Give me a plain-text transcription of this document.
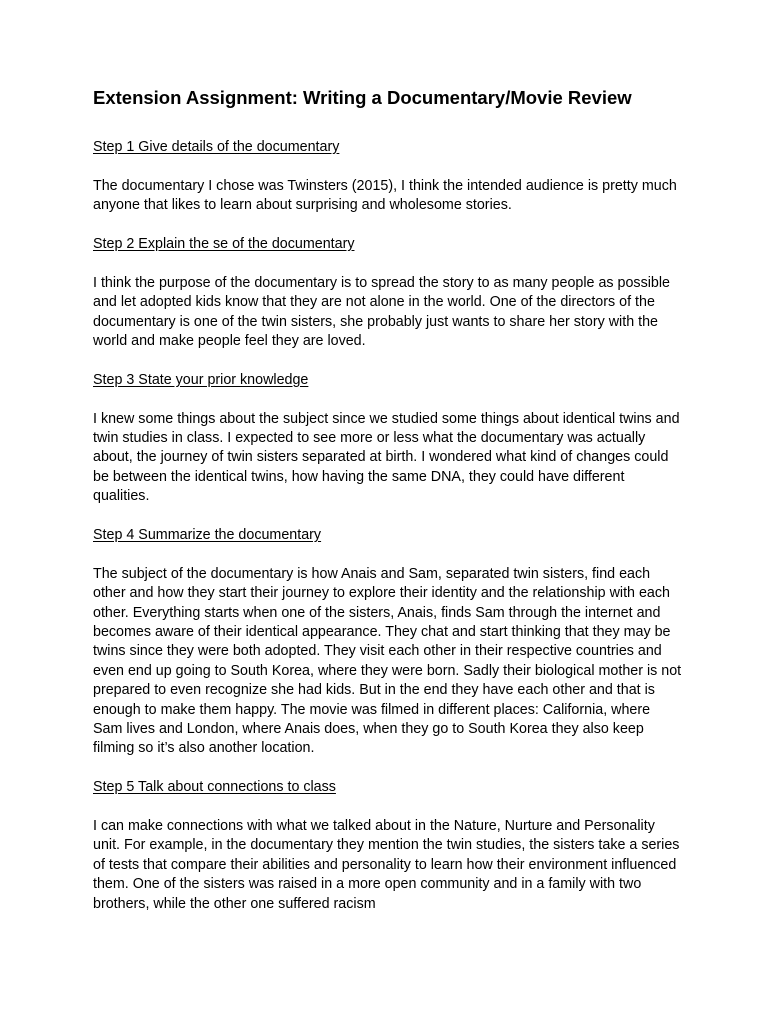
Extension Assignment: Writing a Documentary/Movie Review

Step 1 Give details of the documentary

The documentary I chose was Twinsters (2015), I think the intended audience is pretty much anyone that likes to learn about surprising and wholesome stories.

Step 2 Explain the se of the documentary

I think the purpose of the documentary is to spread the story to as many people as possible and let adopted kids know that they are not alone in the world. One of the directors of the documentary is one of the twin sisters, she probably just wants to share her story with the world and make people feel they are loved.

Step 3 State your prior knowledge

I knew some things about the subject since we studied some things about identical twins and twin studies in class. I expected to see more or less what the documentary was actually about, the journey of twin sisters separated at birth. I wondered what kind of changes could be between the identical twins, how having the same DNA, they could have different qualities.

Step 4 Summarize the documentary

The subject of the documentary is how Anais and Sam, separated twin sisters, find each other and how they start their journey to explore their identity and the relationship with each other. Everything starts when one of the sisters, Anais, finds Sam through the internet and becomes aware of their identical appearance. They chat and start thinking that they may be twins since they were both adopted. They visit each other in their respective countries and even end up going to South Korea, where they were born. Sadly their biological mother is not prepared to even recognize she had kids. But in the end they have each other and that is enough to make them happy. The movie was filmed in different places: California, where Sam lives and London, where Anais does, when they go to South Korea they also keep filming so it’s also another location.

Step 5 Talk about connections to class

I can make connections with what we talked about in the Nature, Nurture and Personality unit. For example, in the documentary they mention the twin studies, the sisters take a series of tests that compare their abilities and personality to learn how their environment influenced them. One of the sisters was raised in a more open community and in a family with two brothers, while the other one suffered racism
